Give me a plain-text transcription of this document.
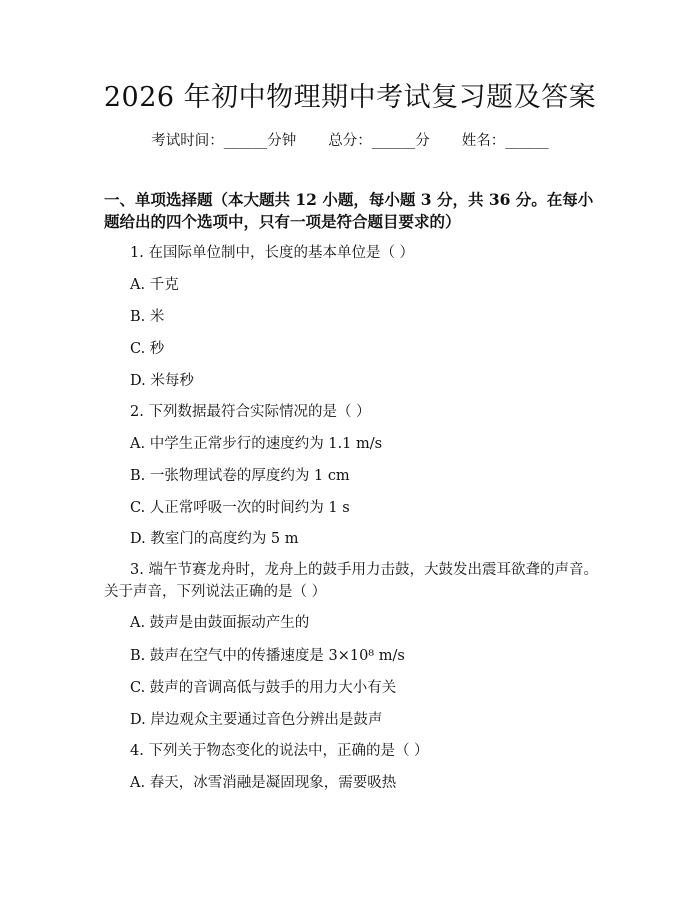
2026 年初中物理期中考试复习题及答案
考试时间：______分钟 总分：______分 姓名：______
一、单项选择题（本大题共 12 小题，每小题 3 分，共 36 分。在每小题给出的四个选项中，只有一项是符合题目要求的）
1. 在国际单位制中，长度的基本单位是（ ）
A. 千克
B. 米
C. 秒
D. 米每秒
2. 下列数据最符合实际情况的是（ ）
A. 中学生正常步行的速度约为 1.1 m/s
B. 一张物理试卷的厚度约为 1 cm
C. 人正常呼吸一次的时间约为 1 s
D. 教室门的高度约为 5 m
3. 端午节赛龙舟时，龙舟上的鼓手用力击鼓，大鼓发出震耳欲聋的声音。关于声音，下列说法正确的是（ ）
A. 鼓声是由鼓面振动产生的
B. 鼓声在空气中的传播速度是 3×10⁸ m/s
C. 鼓声的音调高低与鼓手的用力大小有关
D. 岸边观众主要通过音色分辨出是鼓声
4. 下列关于物态变化的说法中，正确的是（ ）
A. 春天，冰雪消融是凝固现象，需要吸热
